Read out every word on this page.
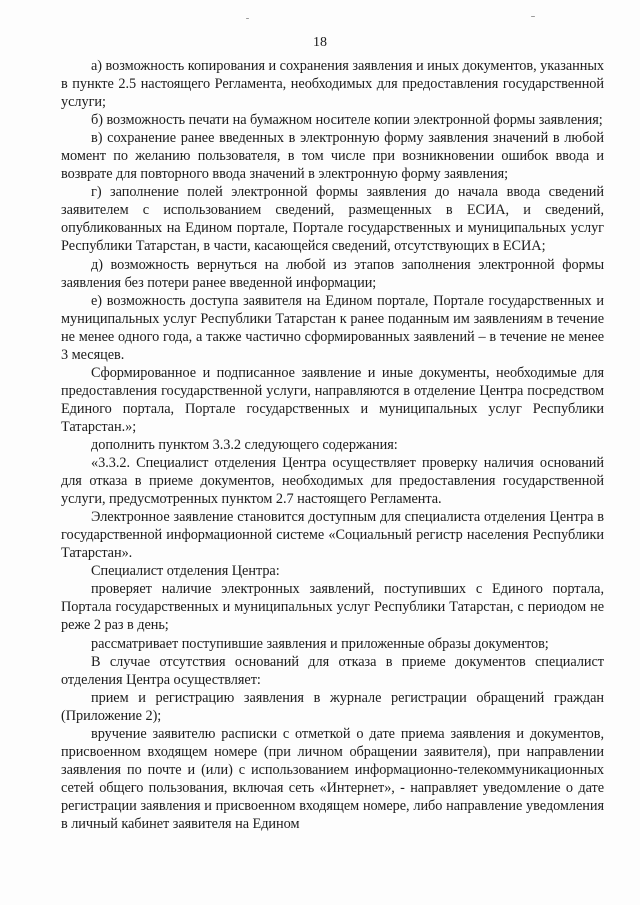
18

а) возможность копирования и сохранения заявления и иных документов, указанных в пункте 2.5 настоящего Регламента, необходимых для предоставления государственной услуги;

б) возможность печати на бумажном носителе копии электронной формы заявления;

в) сохранение ранее введенных в электронную форму заявления значений в любой момент по желанию пользователя, в том числе при возникновении ошибок ввода и возврате для повторного ввода значений в электронную форму заявления;

г) заполнение полей электронной формы заявления до начала ввода сведений заявителем с использованием сведений, размещенных в ЕСИА, и сведений, опубликованных на Едином портале, Портале государственных и муниципальных услуг Республики Татарстан, в части, касающейся сведений, отсутствующих в ЕСИА;

д) возможность вернуться на любой из этапов заполнения электронной формы заявления без потери ранее введенной информации;

е) возможность доступа заявителя на Едином портале, Портале государственных и муниципальных услуг Республики Татарстан к ранее поданным им заявлениям в течение не менее одного года, а также частично сформированных заявлений – в течение не менее 3 месяцев.

Сформированное и подписанное заявление и иные документы, необходимые для предоставления государственной услуги, направляются в отделение Центра посредством Единого портала, Портале государственных и муниципальных услуг Республики Татарстан.»;

дополнить пунктом 3.3.2 следующего содержания:

«3.3.2. Специалист отделения Центра осуществляет проверку наличия оснований для отказа в приеме документов, необходимых для предоставления государственной услуги, предусмотренных пунктом 2.7 настоящего Регламента.

Электронное заявление становится доступным для специалиста отделения Центра в государственной информационной системе «Социальный регистр населения Республики Татарстан».

Специалист отделения Центра:

проверяет наличие электронных заявлений, поступивших с Единого портала, Портала государственных и муниципальных услуг Республики Татарстан, с периодом не реже 2 раз в день;

рассматривает поступившие заявления и приложенные образы документов;

В случае отсутствия оснований для отказа в приеме документов специалист отделения Центра осуществляет:

прием и регистрацию заявления в журнале регистрации обращений граждан (Приложение 2);

вручение заявителю расписки с отметкой о дате приема заявления и документов, присвоенном входящем номере (при личном обращении заявителя), при направлении заявления по почте и (или) с использованием информационно-телекоммуникационных сетей общего пользования, включая сеть «Интернет», - направляет уведомление о дате регистрации заявления и присвоенном входящем номере, либо направление уведомления в личный кабинет заявителя на Едином
